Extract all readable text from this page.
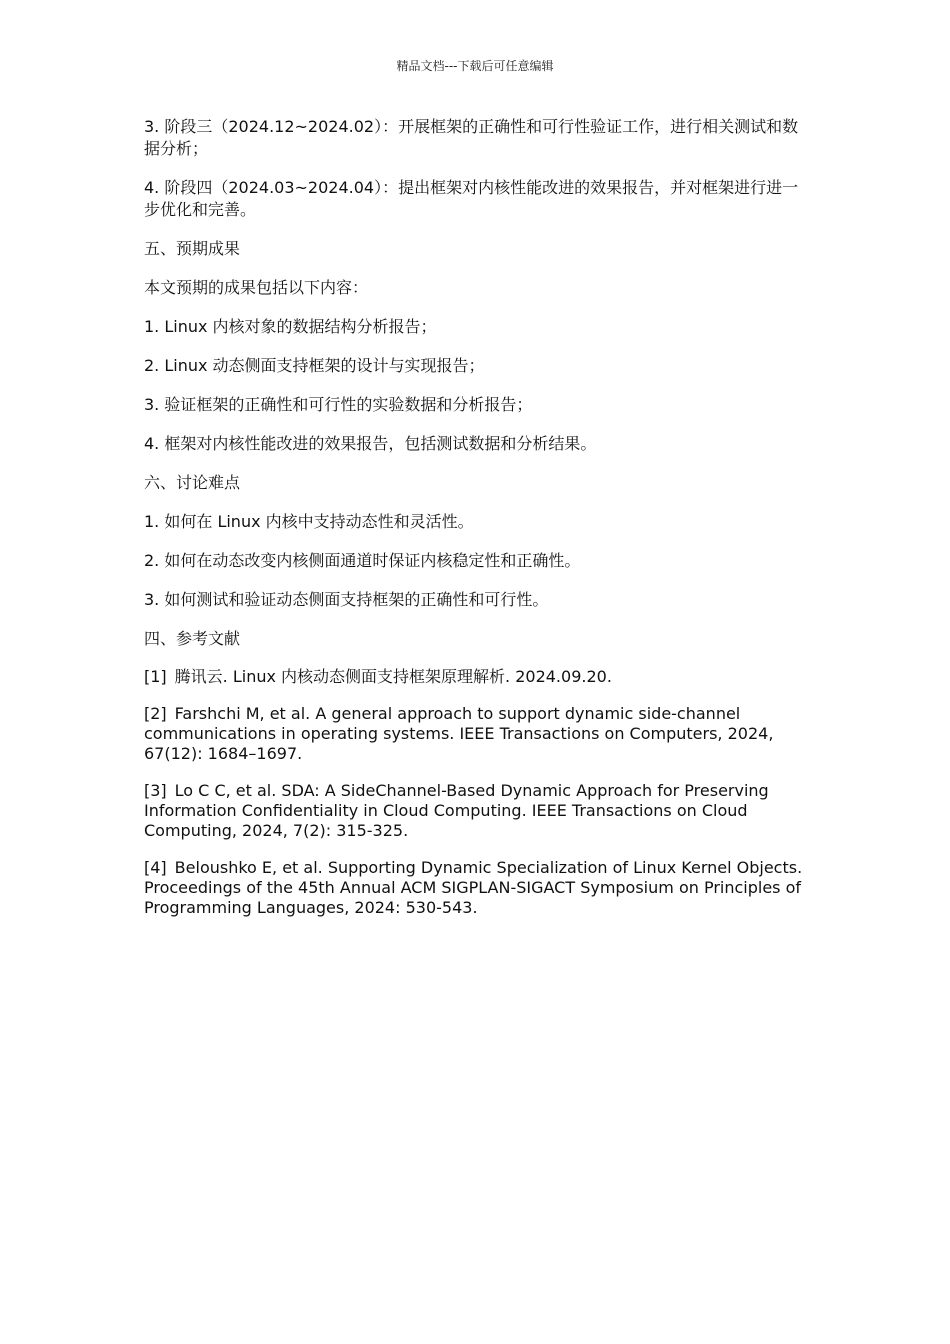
精品文档---下载后可任意编辑

3. 阶段三（2024.12~2024.02）：开展框架的正确性和可行性验证工作，进行相关测试和数据分析；

4. 阶段四（2024.03~2024.04）：提出框架对内核性能改进的效果报告，并对框架进行进一步优化和完善。

五、预期成果

本文预期的成果包括以下内容：

1. Linux 内核对象的数据结构分析报告；

2. Linux 动态侧面支持框架的设计与实现报告；

3. 验证框架的正确性和可行性的实验数据和分析报告；

4. 框架对内核性能改进的效果报告，包括测试数据和分析结果。

六、讨论难点

1. 如何在 Linux 内核中支持动态性和灵活性。

2. 如何在动态改变内核侧面通道时保证内核稳定性和正确性。

3. 如何测试和验证动态侧面支持框架的正确性和可行性。

四、参考文献

[1] 腾讯云. Linux 内核动态侧面支持框架原理解析. 2024.09.20.

[2] Farshchi M, et al. A general approach to support dynamic side-channel communications in operating systems. IEEE Transactions on Computers, 2024, 67(12): 1684–1697.

[3] Lo C C, et al. SDA: A SideChannel-Based Dynamic Approach for Preserving Information Confidentiality in Cloud Computing. IEEE Transactions on Cloud Computing, 2024, 7(2): 315-325.

[4] Beloushko E, et al. Supporting Dynamic Specialization of Linux Kernel Objects. Proceedings of the 45th Annual ACM SIGPLAN-SIGACT Symposium on Principles of Programming Languages, 2024: 530-543.
